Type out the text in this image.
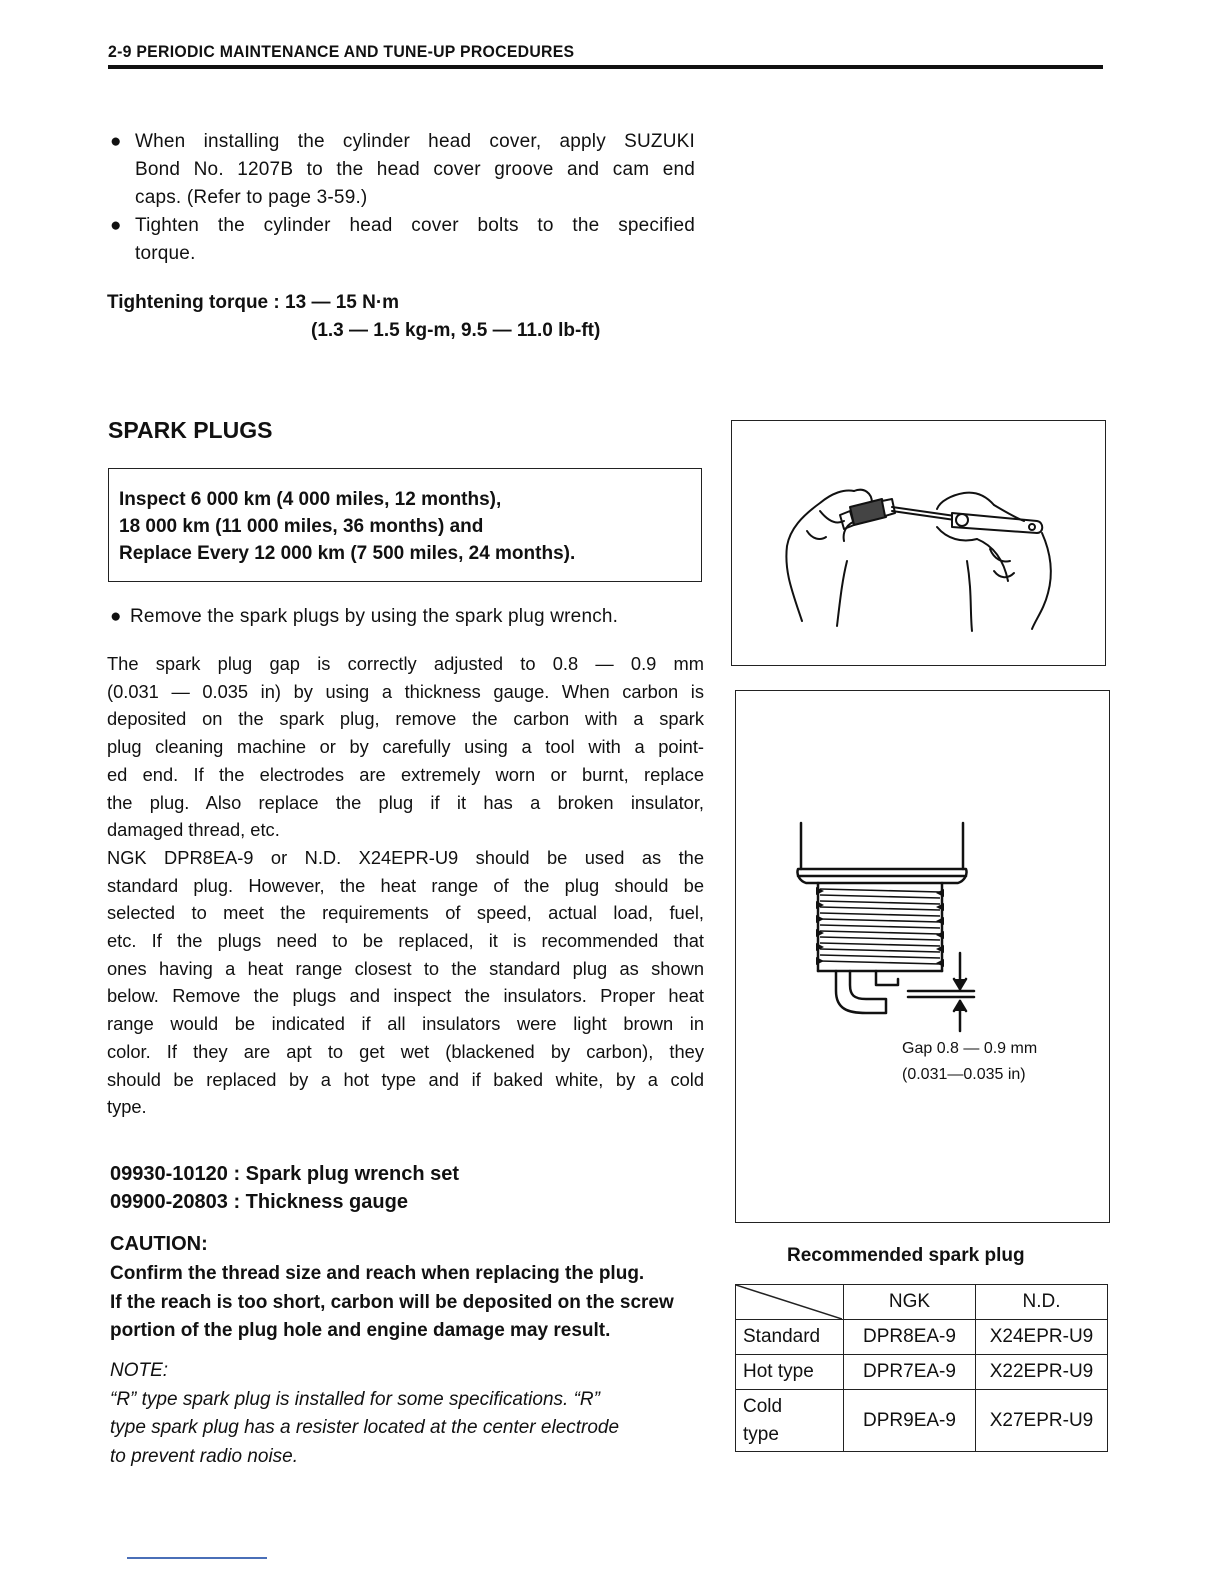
2-9 PERIODIC MAINTENANCE AND TUNE-UP PROCEDURES
● When installing the cylinder head cover, apply SUZUKI
Bond No. 1207B to the head cover groove and cam end
caps. (Refer to page 3-59.)
● Tighten the cylinder head cover bolts to the specified
torque.
Tightening torque : 13 — 15 N·m
(1.3 — 1.5 kg-m, 9.5 — 11.0 lb-ft)
SPARK PLUGS
Inspect 6 000 km (4 000 miles, 12 months),
18 000 km (11 000 miles, 36 months) and
Replace Every 12 000 km (7 500 miles, 24 months).
● Remove the spark plugs by using the spark plug wrench.
The spark plug gap is correctly adjusted to 0.8 — 0.9 mm
(0.031 — 0.035 in) by using a thickness gauge. When carbon is
deposited on the spark plug, remove the carbon with a spark
plug cleaning machine or by carefully using a tool with a point-
ed end. If the electrodes are extremely worn or burnt, replace
the plug. Also replace the plug if it has a broken insulator,
damaged thread, etc.
NGK DPR8EA-9 or N.D. X24EPR-U9 should be used as the
standard plug. However, the heat range of the plug should be
selected to meet the requirements of speed, actual load, fuel,
etc. If the plugs need to be replaced, it is recommended that
ones having a heat range closest to the standard plug as shown
below. Remove the plugs and inspect the insulators. Proper heat
range would be indicated if all insulators were light brown in
color. If they are apt to get wet (blackened by carbon), they
should be replaced by a hot type and if baked white, by a cold
type.
09930-10120 : Spark plug wrench set
09900-20803 : Thickness gauge
CAUTION:
Confirm the thread size and reach when replacing the plug.
If the reach is too short, carbon will be deposited on the screw
portion of the plug hole and engine damage may result.
NOTE:
“R” type spark plug is installed for some specifications. “R”
type spark plug has a resister located at the center electrode
to prevent radio noise.
Gap 0.8 — 0.9 mm
(0.031—0.035 in)
Recommended spark plug
	NGK	N.D.
Standard	DPR8EA-9	X24EPR-U9
Hot type	DPR7EA-9	X22EPR-U9

Cold
type	DPR9EA-9	X27EPR-U9
